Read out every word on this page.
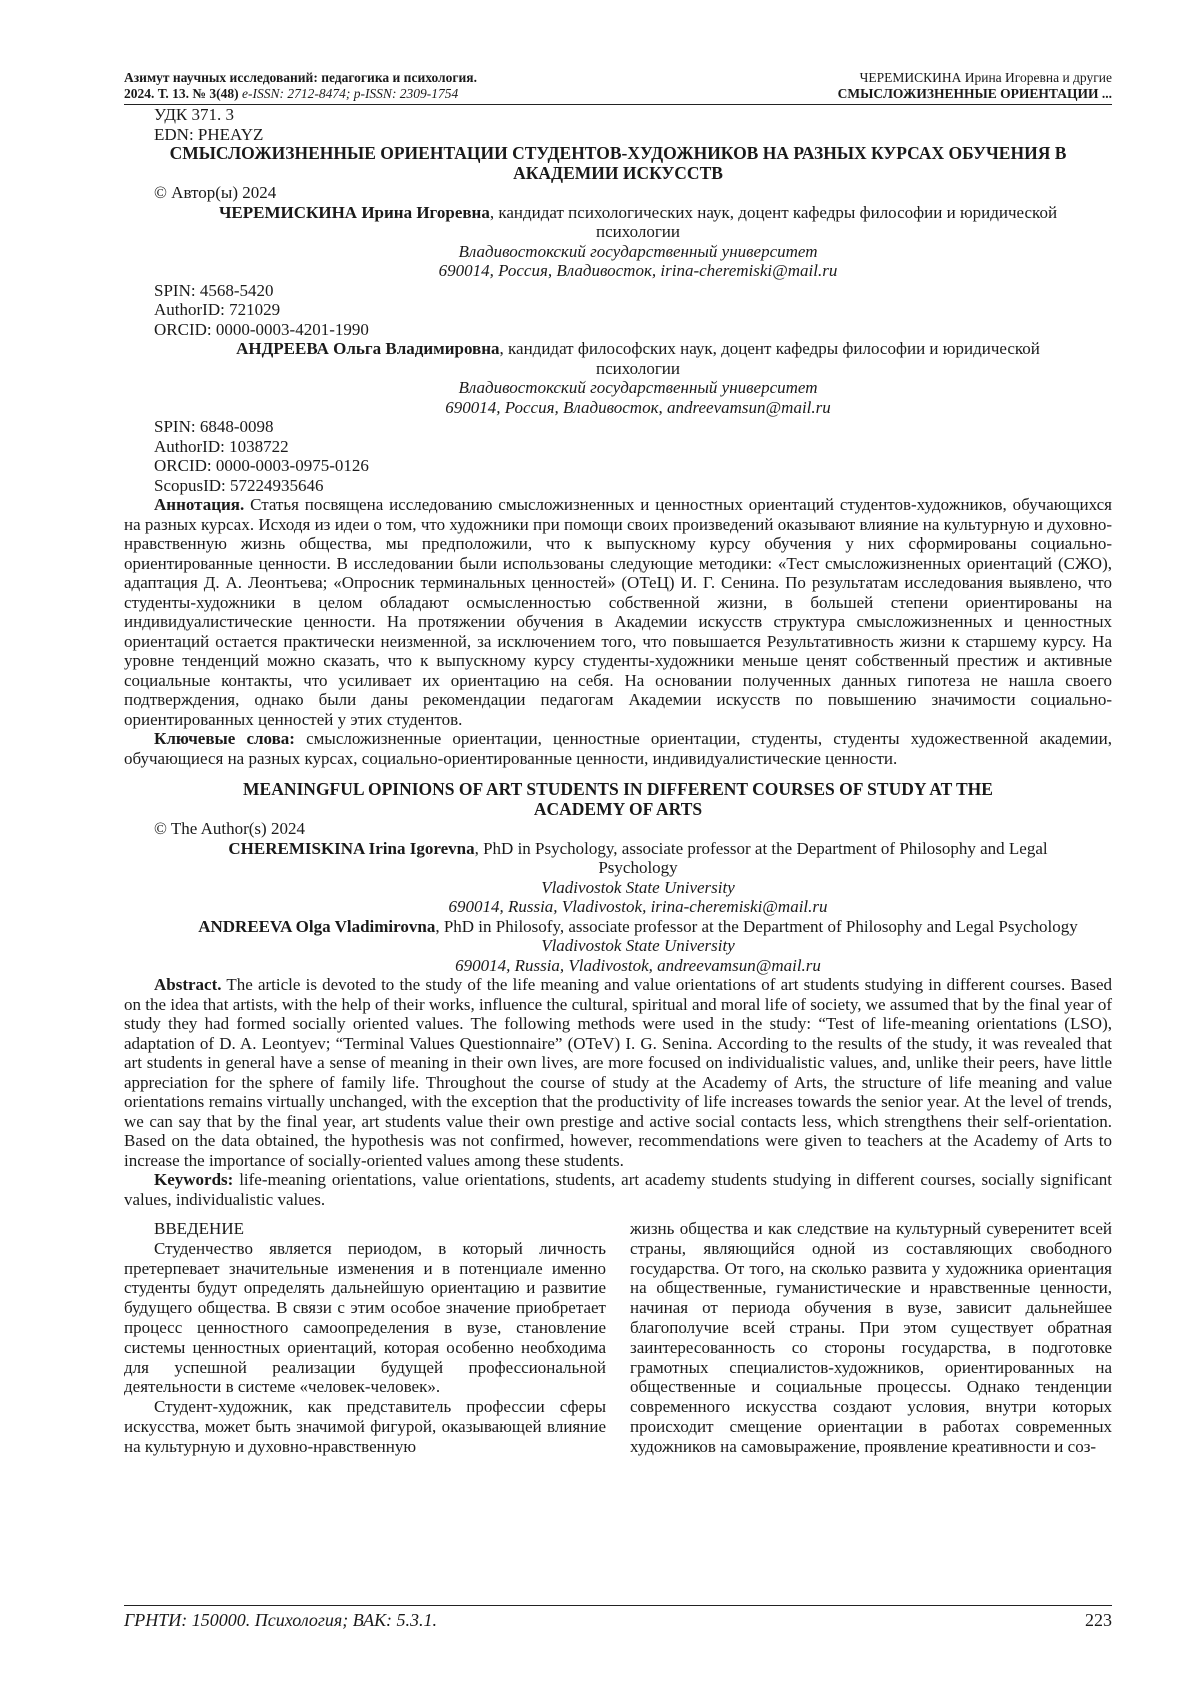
Азимут научных исследований: педагогика и психология.
2024. Т. 13. № 3(48) e-ISSN: 2712-8474; p-ISSN: 2309-1754
ЧЕРЕМИСКИНА Ирина Игоревна и другие
СМЫСЛОЖИЗНЕННЫЕ ОРИЕНТАЦИИ ...
УДК 371. 3
EDN: PHEAYZ
СМЫСЛОЖИЗНЕННЫЕ ОРИЕНТАЦИИ СТУДЕНТОВ-ХУДОЖНИКОВ НА РАЗНЫХ КУРСАХ ОБУЧЕНИЯ В АКАДЕМИИ ИСКУССТВ
© Автор(ы) 2024
ЧЕРЕМИСКИНА Ирина Игоревна, кандидат психологических наук, доцент кафедры философии и юридической психологии
Владивостокский государственный университет
690014, Россия, Владивосток, irina-cheremiski@mail.ru
SPIN: 4568-5420
AuthorID: 721029
ORCID: 0000-0003-4201-1990
АНДРЕЕВА Ольга Владимировна, кандидат философских наук, доцент кафедры философии и юридической психологии
Владивостокский государственный университет
690014, Россия, Владивосток, andreevamsun@mail.ru
SPIN: 6848-0098
AuthorID: 1038722
ORCID: 0000-0003-0975-0126
ScopusID: 57224935646

Аннотация. Статья посвящена исследованию смысложизненных и ценностных ориентаций студентов-художников, обучающихся на разных курсах. Исходя из идеи о том, что художники при помощи своих произведений оказывают влияние на культурную и духовно-нравственную жизнь общества, мы предположили, что к выпускному курсу обучения у них сформированы социально-ориентированные ценности. В исследовании были использованы следующие методики: «Тест смысложизненных ориентаций (СЖО), адаптация Д. А. Леонтьева; «Опросник терминальных ценностей» (ОТеЦ) И. Г. Сенина. По результатам исследования выявлено, что студенты-художники в целом обладают осмысленностью собственной жизни, в большей степени ориентированы на индивидуалистические ценности. На протяжении обучения в Академии искусств структура смысложизненных и ценностных ориентаций остается практически неизменной, за исключением того, что повышается Результативность жизни к старшему курсу. На уровне тенденций можно сказать, что к выпускному курсу студенты-художники меньше ценят собственный престиж и активные социальные контакты, что усиливает их ориентацию на себя. На основании полученных данных гипотеза не нашла своего подтверждения, однако были даны рекомендации педагогам Академии искусств по повышению значимости социально-ориентированных ценностей у этих студентов.

Ключевые слова: смысложизненные ориентации, ценностные ориентации, студенты, студенты художественной академии, обучающиеся на разных курсах, социально-ориентированные ценности, индивидуалистические ценности.

MEANINGFUL OPINIONS OF ART STUDENTS IN DIFFERENT COURSES OF STUDY AT THE ACADEMY OF ARTS
© The Author(s) 2024
CHEREMISKINA Irina Igorevna, PhD in Psychology, associate professor at the Department of Philosophy and Legal Psychology
Vladivostok State University
690014, Russia, Vladivostok, irina-cheremiski@mail.ru
ANDREEVA Olga Vladimirovna, PhD in Philosofy, associate professor at the Department of Philosophy and Legal Psychology
Vladivostok State University
690014, Russia, Vladivostok, andreevamsun@mail.ru

Abstract. The article is devoted to the study of the life meaning and value orientations of art students studying in different courses. Based on the idea that artists, with the help of their works, influence the cultural, spiritual and moral life of society, we assumed that by the final year of study they had formed socially oriented values. The following methods were used in the study: “Test of life-meaning orientations (LSO), adaptation of D. A. Leontyev; “Terminal Values Questionnaire” (OTeV) I. G. Senina. According to the results of the study, it was revealed that art students in general have a sense of meaning in their own lives, are more focused on individualistic values, and, unlike their peers, have little appreciation for the sphere of family life. Throughout the course of study at the Academy of Arts, the structure of life meaning and value orientations remains virtually unchanged, with the exception that the productivity of life increases towards the senior year. At the level of trends, we can say that by the final year, art students value their own prestige and active social contacts less, which strengthens their self-orientation. Based on the data obtained, the hypothesis was not confirmed, however, recommendations were given to teachers at the Academy of Arts to increase the importance of socially-oriented values among these students.

Keywords: life-meaning orientations, value orientations, students, art academy students studying in different courses, socially significant values, individualistic values.

ВВЕДЕНИЕ

Студенчество является периодом, в который личность претерпевает значительные изменения и в потенциале именно студенты будут определять дальнейшую ориентацию и развитие будущего общества. В связи с этим особое значение приобретает процесс ценностного самоопределения в вузе, становление системы ценностных ориентаций, которая особенно необходима для успешной реализации будущей профессиональной деятельности в системе «человек-человек».

Студент-художник, как представитель профессии сферы искусства, может быть значимой фигурой, оказывающей влияние на культурную и духовно-нравственную

жизнь общества и как следствие на культурный суверенитет всей страны, являющийся одной из составляющих свободного государства. От того, на сколько развита у художника ориентация на общественные, гуманистические и нравственные ценности, начиная от периода обучения в вузе, зависит дальнейшее благополучие всей страны. При этом существует обратная заинтересованность со стороны государства, в подготовке грамотных специалистов-художников, ориентированных на общественные и социальные процессы. Однако тенденции современного искусства создают условия, внутри которых происходит смещение ориентации в работах современных художников на самовыражение, проявление креативности и соз-

ГРНТИ: 150000. Психология; ВАК: 5.3.1.	223
